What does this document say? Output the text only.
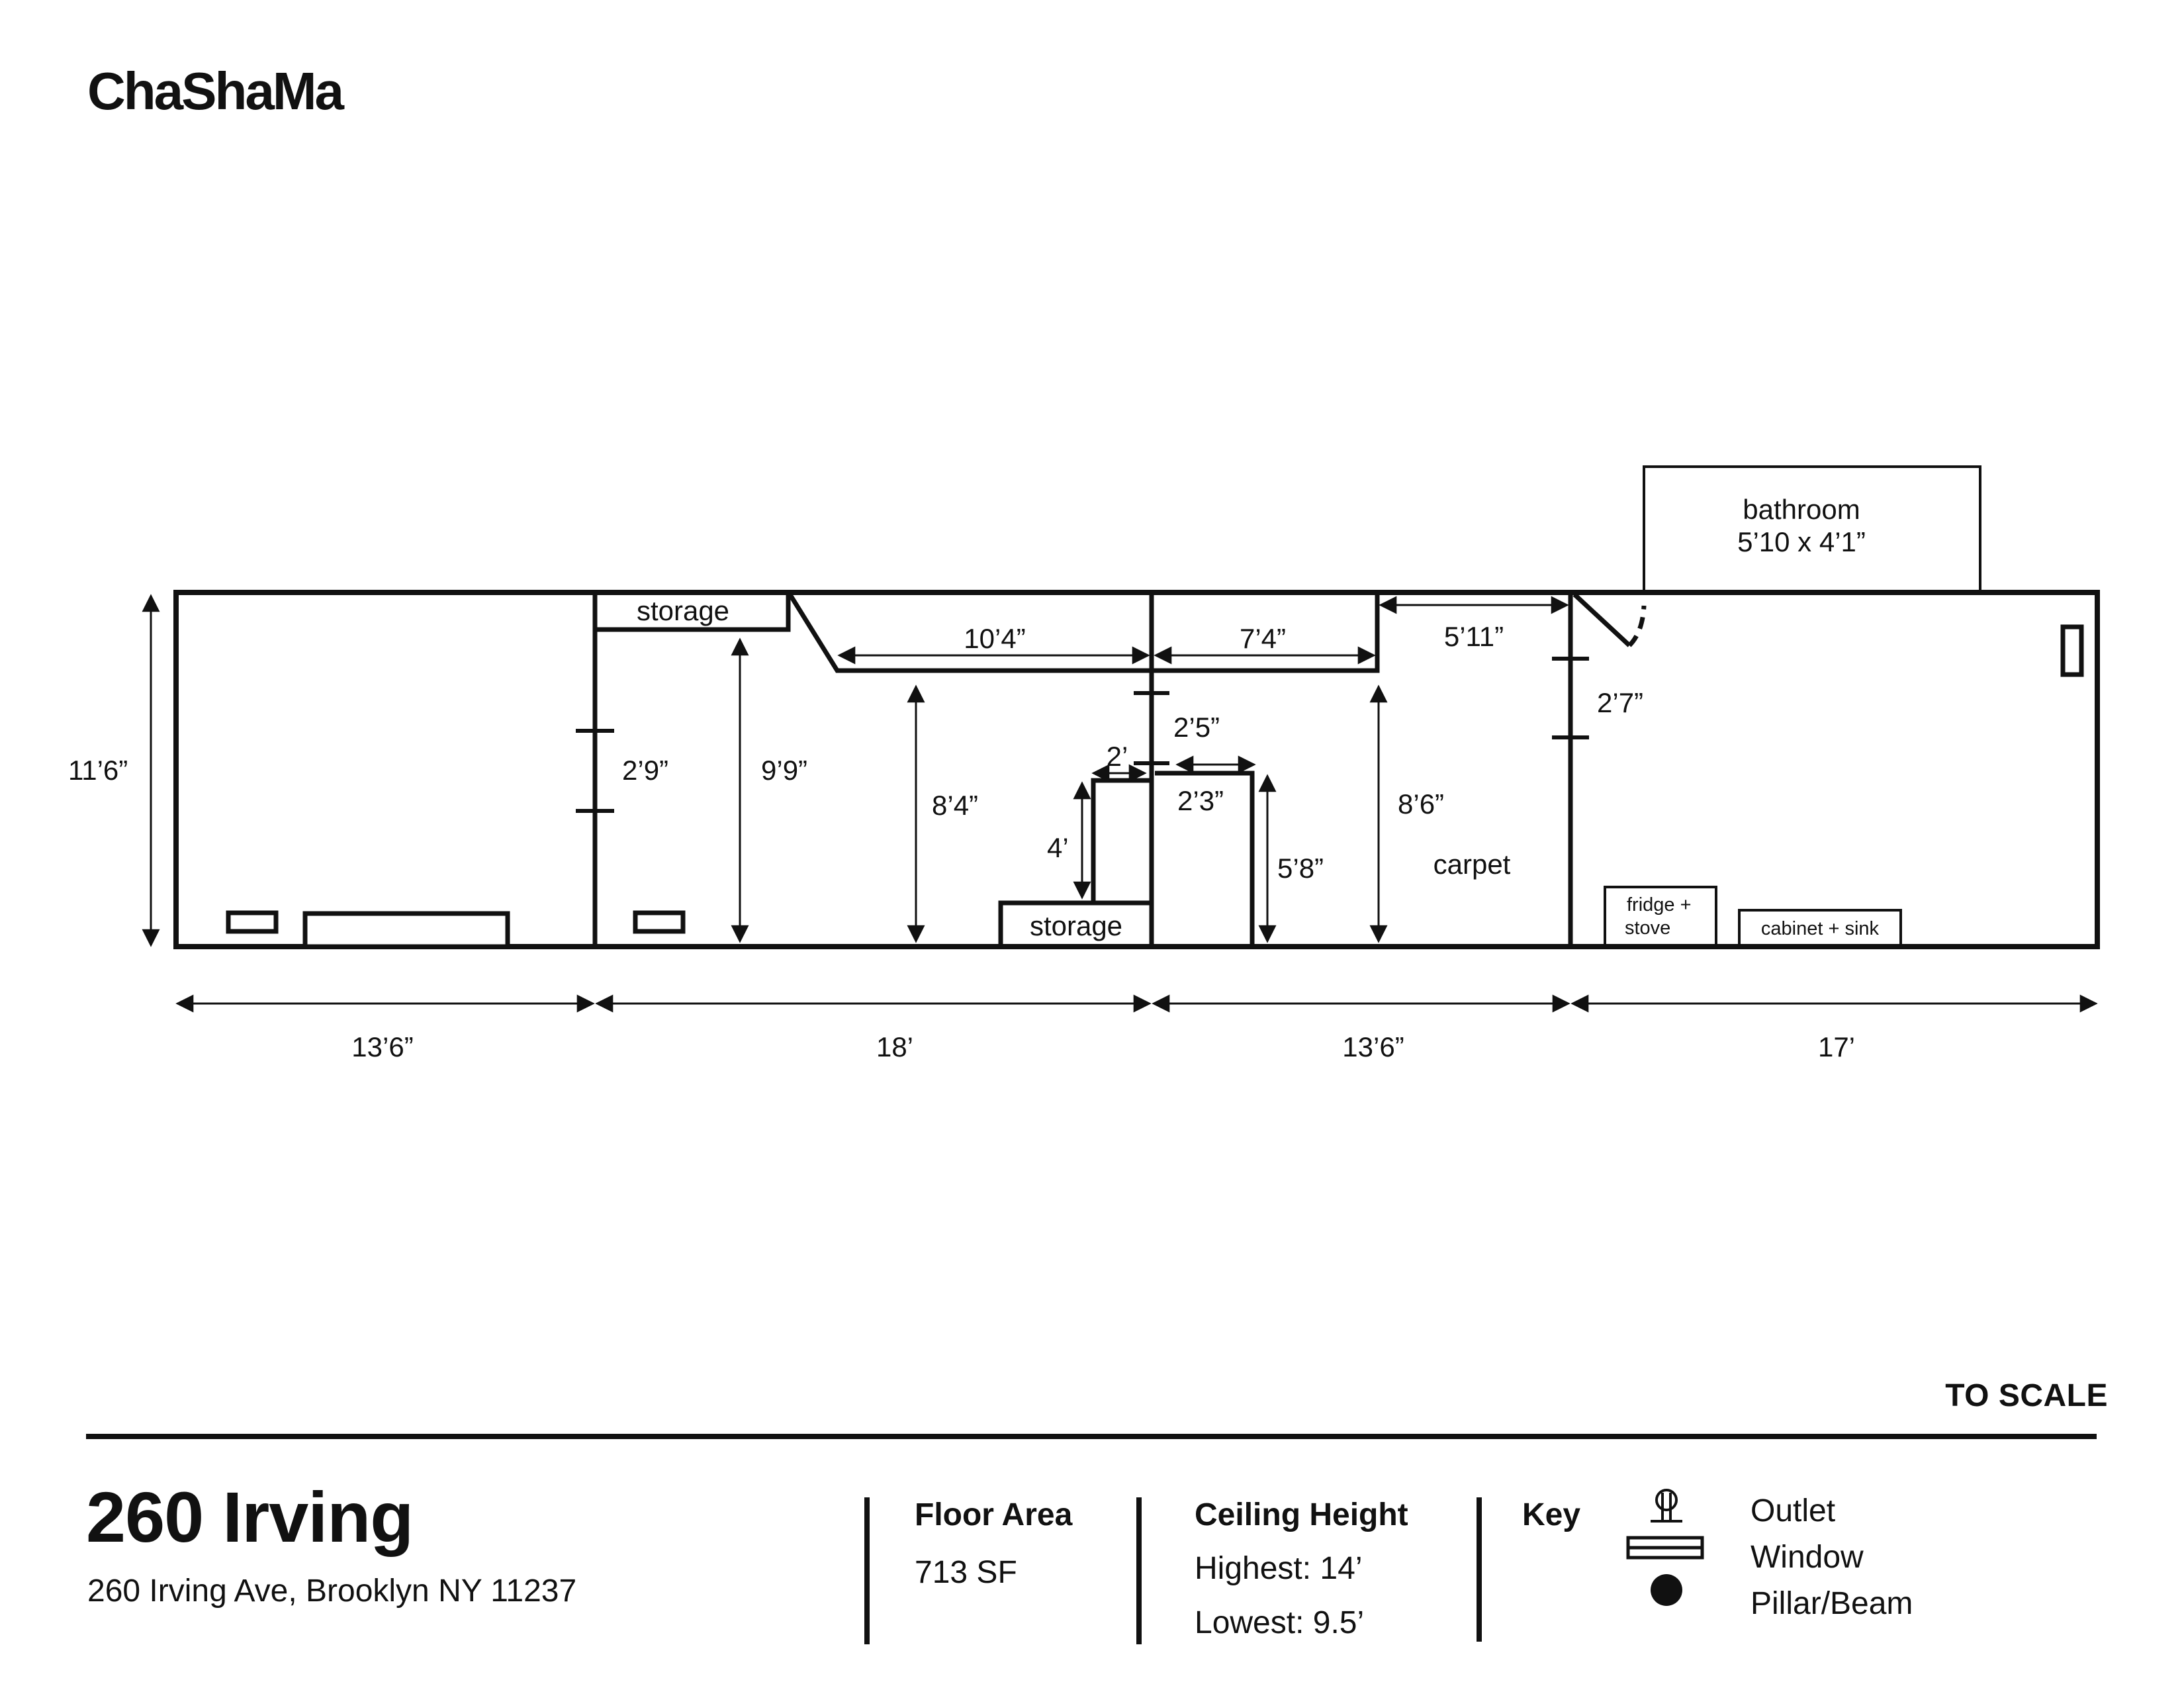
ChaShaMa
11’6”
storage
storage
bathroom
5’10 x 4’1”
10’4”	7’4”	5’11”
2’9”	9’9”
8’4”
2’5”
2’
4’
2’3”
5’8”
8’6”
2’7”
carpet
fridge +
stove	cabinet + sink
13’6”	18’	13’6”	17’
TO SCALE
260 Irving
260 Irving Ave, Brooklyn NY 11237
Floor Area
713 SF
Ceiling Height
Highest: 14’
Lowest: 9.5’
Key	Outlet
Window
Pillar/Beam
